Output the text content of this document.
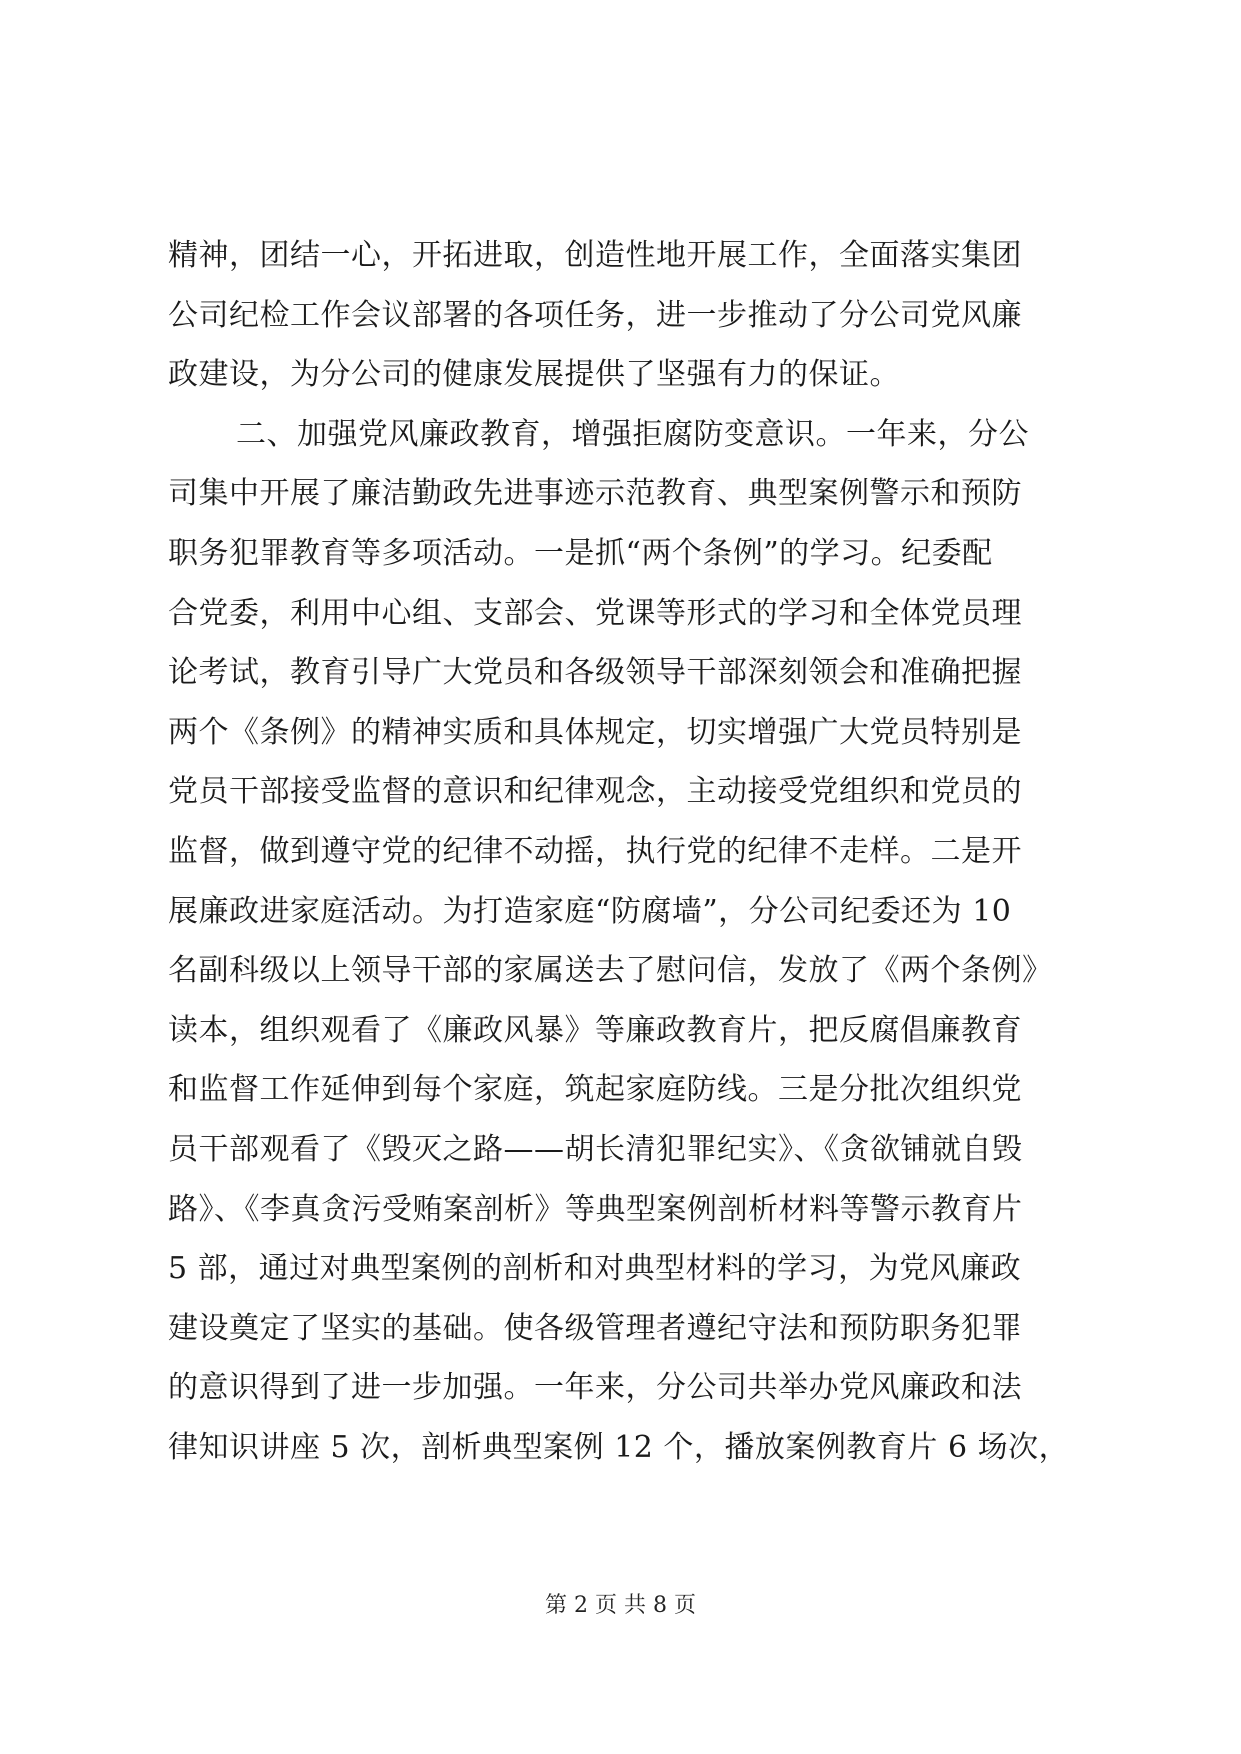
精神，团结一心，开拓进取，创造性地开展工作，全面落实集团
公司纪检工作会议部署的各项任务，进一步推动了分公司党风廉
政建设，为分公司的健康发展提供了坚强有力的保证。
二、加强党风廉政教育，增强拒腐防变意识。一年来，分公
司集中开展了廉洁勤政先进事迹示范教育、典型案例警示和预防
职务犯罪教育等多项活动。一是抓“两个条例”的学习。纪委配
合党委，利用中心组、支部会、党课等形式的学习和全体党员理
论考试，教育引导广大党员和各级领导干部深刻领会和准确把握
两个《条例》的精神实质和具体规定，切实增强广大党员特别是
党员干部接受监督的意识和纪律观念，主动接受党组织和党员的
监督，做到遵守党的纪律不动摇，执行党的纪律不走样。二是开
展廉政进家庭活动。为打造家庭“防腐墙”，分公司纪委还为 10
名副科级以上领导干部的家属送去了慰问信，发放了《两个条例》
读本，组织观看了《廉政风暴》等廉政教育片，把反腐倡廉教育
和监督工作延伸到每个家庭，筑起家庭防线。三是分批次组织党
员干部观看了《毁灭之路——胡长清犯罪纪实》、《贪欲铺就自毁
路》、《李真贪污受贿案剖析》等典型案例剖析材料等警示教育片
5 部，通过对典型案例的剖析和对典型材料的学习，为党风廉政
建设奠定了坚实的基础。使各级管理者遵纪守法和预防职务犯罪
的意识得到了进一步加强。一年来，分公司共举办党风廉政和法
律知识讲座 5 次，剖析典型案例 12 个，播放案例教育片 6 场次，
第 2 页 共 8 页
